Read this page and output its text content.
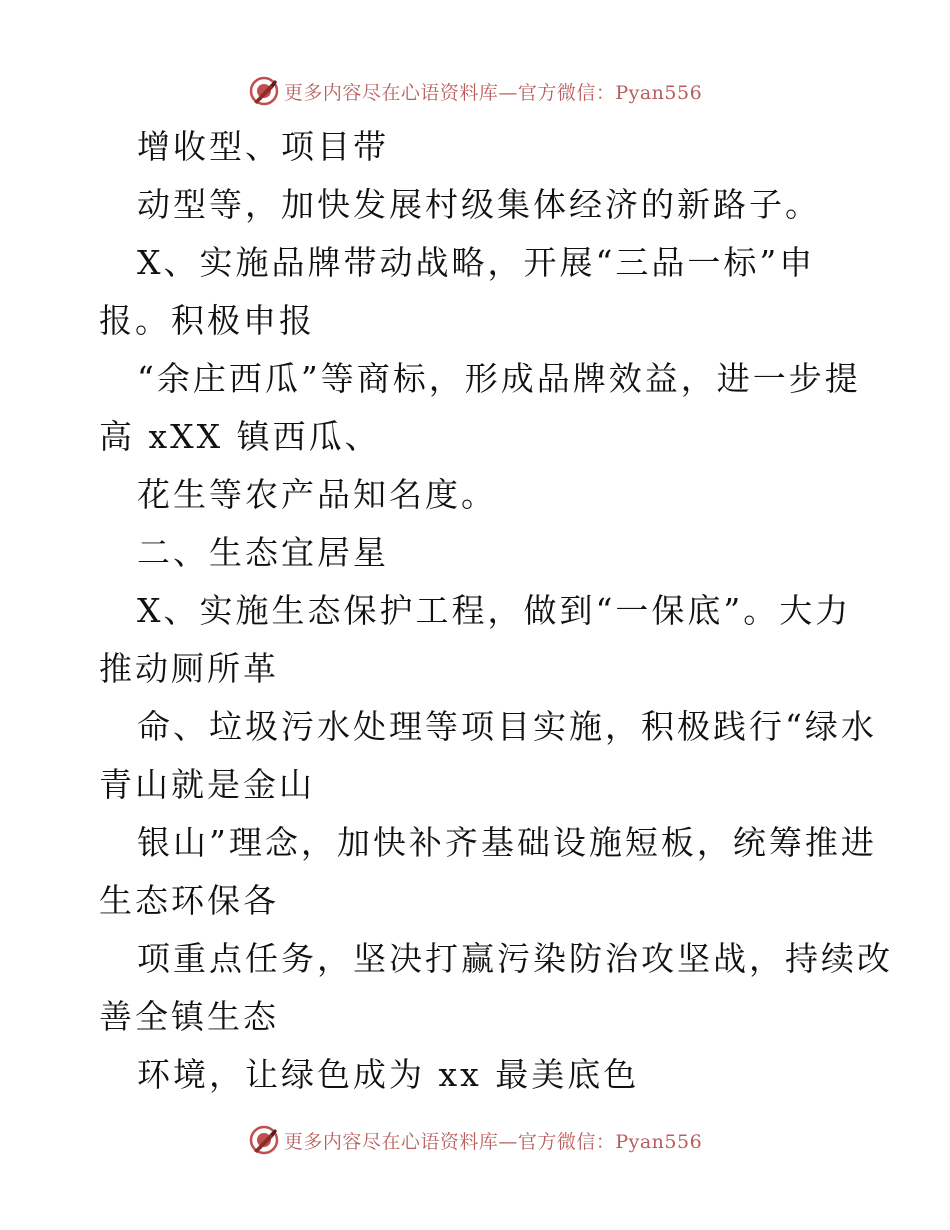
更多内容尽在心语资料库—官方微信：Pyan556
增收型、项目带
动型等，加快发展村级集体经济的新路子。
X、实施品牌带动战略，开展“三品一标”申
报。积极申报
“余庄西瓜”等商标，形成品牌效益，进一步提
高 xXX 镇西瓜、
花生等农产品知名度。
二、生态宜居星
X、实施生态保护工程，做到“一保底”。大力
推动厕所革
命、垃圾污水处理等项目实施，积极践行“绿水
青山就是金山
银山”理念，加快补齐基础设施短板，统筹推进
生态环保各
项重点任务，坚决打赢污染防治攻坚战，持续改
善全镇生态
环境，让绿色成为 xx 最美底色
更多内容尽在心语资料库—官方微信：Pyan556
